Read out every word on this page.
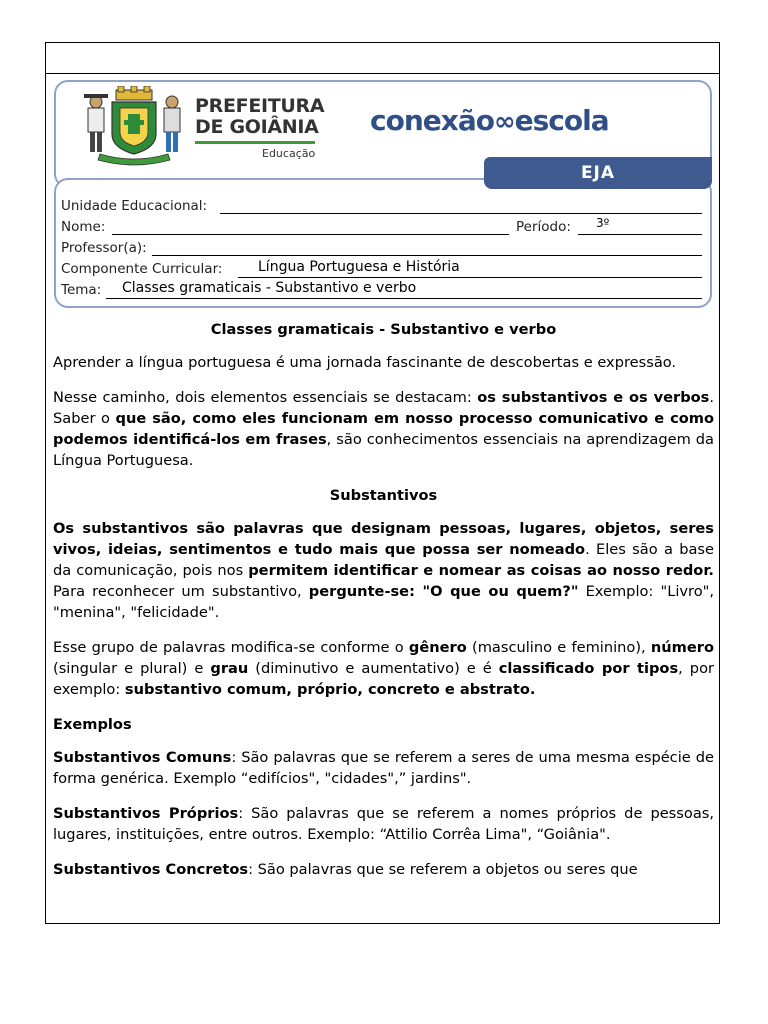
PREFEITURA
DE GOIÂNIA
Educação
conexão∞escola
EJA
Unidade Educacional:
Nome:	Período: 3º
Professor(a):
Componente Curricular:	Língua Portuguesa e História
Tema: Classes gramaticais - Substantivo e verbo
Classes gramaticais - Substantivo e verbo

Aprender a língua portuguesa é uma jornada fascinante de descobertas e expressão.

Nesse caminho, dois elementos essenciais se destacam: os substantivos e os verbos. Saber o que são, como eles funcionam em nosso processo comunicativo e como podemos identificá-los em frases, são conhecimentos essenciais na aprendizagem da Língua Portuguesa.

Substantivos

Os substantivos são palavras que designam pessoas, lugares, objetos, seres vivos, ideias, sentimentos e tudo mais que possa ser nomeado. Eles são a base da comunicação, pois nos permitem identificar e nomear as coisas ao nosso redor. Para reconhecer um substantivo, pergunte-se: "O que ou quem?" Exemplo: "Livro", "menina", "felicidade".

Esse grupo de palavras modifica-se conforme o gênero (masculino e feminino), número (singular e plural) e grau (diminutivo e aumentativo) e é classificado por tipos, por exemplo: substantivo comum, próprio, concreto e abstrato.

Exemplos

Substantivos Comuns: São palavras que se referem a seres de uma mesma espécie de forma genérica. Exemplo “edifícios", "cidades",” jardins".

Substantivos Próprios: São palavras que se referem a nomes próprios de pessoas, lugares, instituições, entre outros. Exemplo: “Attilio Corrêa Lima", “Goiânia".

Substantivos Concretos: São palavras que se referem a objetos ou seres que
